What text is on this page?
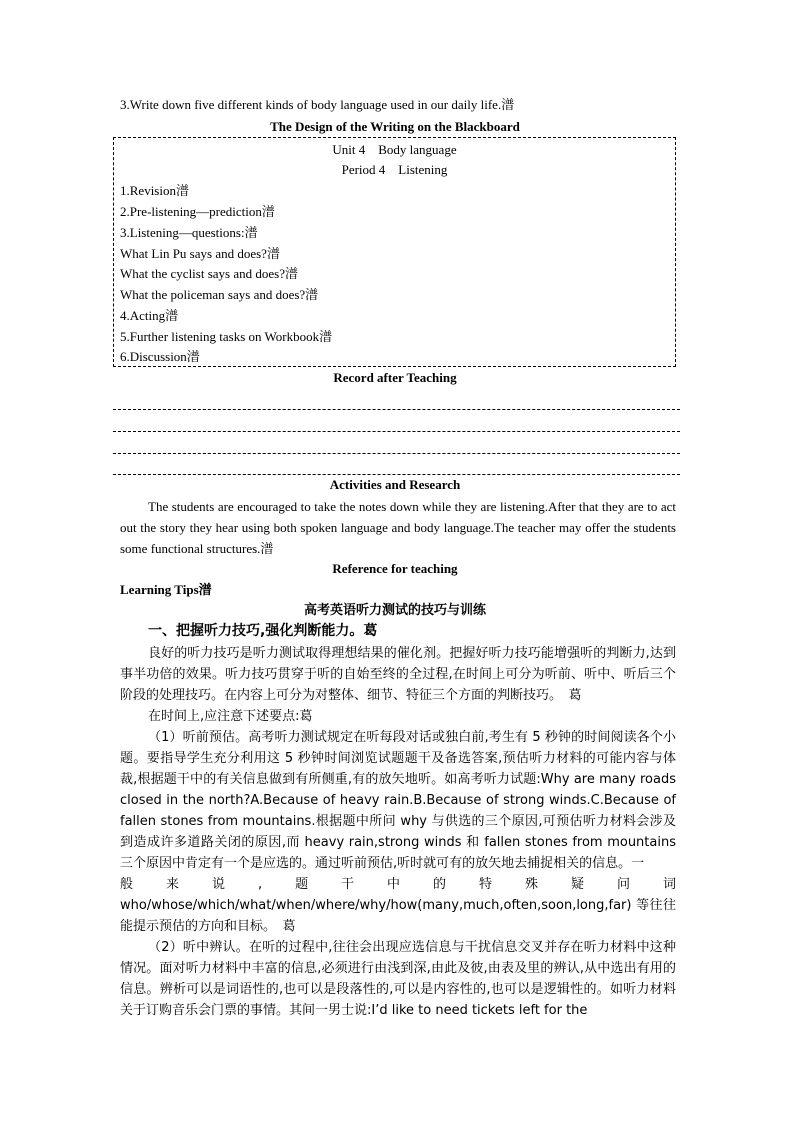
3.Write down five different kinds of body language used in our daily life.潽
The Design of the Writing on the Blackboard
Unit 4　Body language
Period 4　Listening
1.Revision潽
2.Pre-listening—prediction潽
3.Listening—questions:潽
What Lin Pu says and does?潽
What the cyclist says and does?潽
What the policeman says and does?潽
4.Acting潽
5.Further listening tasks on Workbook潽
6.Discussion潽
Record after Teaching
Activities and Research
The students are encouraged to take the notes down while they are listening.After that they are to act out the story they hear using both spoken language and body language.The teacher may offer the students some functional structures.潽
Reference for teaching
Learning Tips潽
高考英语听力测试的技巧与训练
一、把握听力技巧,强化判断能力。葛
良好的听力技巧是听力测试取得理想结果的催化剂。把握好听力技巧能增强听的判断力,达到事半功倍的效果。听力技巧贯穿于听的自始至终的全过程,在时间上可分为听前、听中、听后三个阶段的处理技巧。在内容上可分为对整体、细节、特征三个方面的判断技巧。　葛
在时间上,应注意下述要点:葛
（1）听前预估。高考听力测试规定在听每段对话或独白前,考生有 5 秒钟的时间阅读各个小题。要指导学生充分利用这 5 秒钟时间浏览试题题干及备选答案,预估听力材料的可能内容与体裁,根据题干中的有关信息做到有所侧重,有的放矢地听。如高考听力试题:Why are many roads closed in the north?A.Because of heavy rain.B.Because of strong winds.C.Because of fallen stones from mountains.根据题中所问 why 与供选的三个原因,可预估听力材料会涉及到造成许多道路关闭的原因,而 heavy rain,strong winds 和 fallen stones from mountains 三个原因中肯定有一个是应选的。通过听前预估,听时就可有的放矢地去捕捉相关的信息。一
般	来	说	,	题	干	中	的	特	殊	疑	问	词
who/whose/which/what/when/where/why/how(many,much,often,soon,long,far) 等往往能提示预估的方向和目标。　葛
（2）听中辨认。在听的过程中,往往会出现应选信息与干扰信息交叉并存在听力材料中这种情况。面对听力材料中丰富的信息,必须进行由浅到深,由此及彼,由表及里的辨认,从中选出有用的信息。辨析可以是词语性的,也可以是段落性的,可以是内容性的,也可以是逻辑性的。如听力材料关于订购音乐会门票的事情。其间一男士说:I’d like to need tickets left for the
